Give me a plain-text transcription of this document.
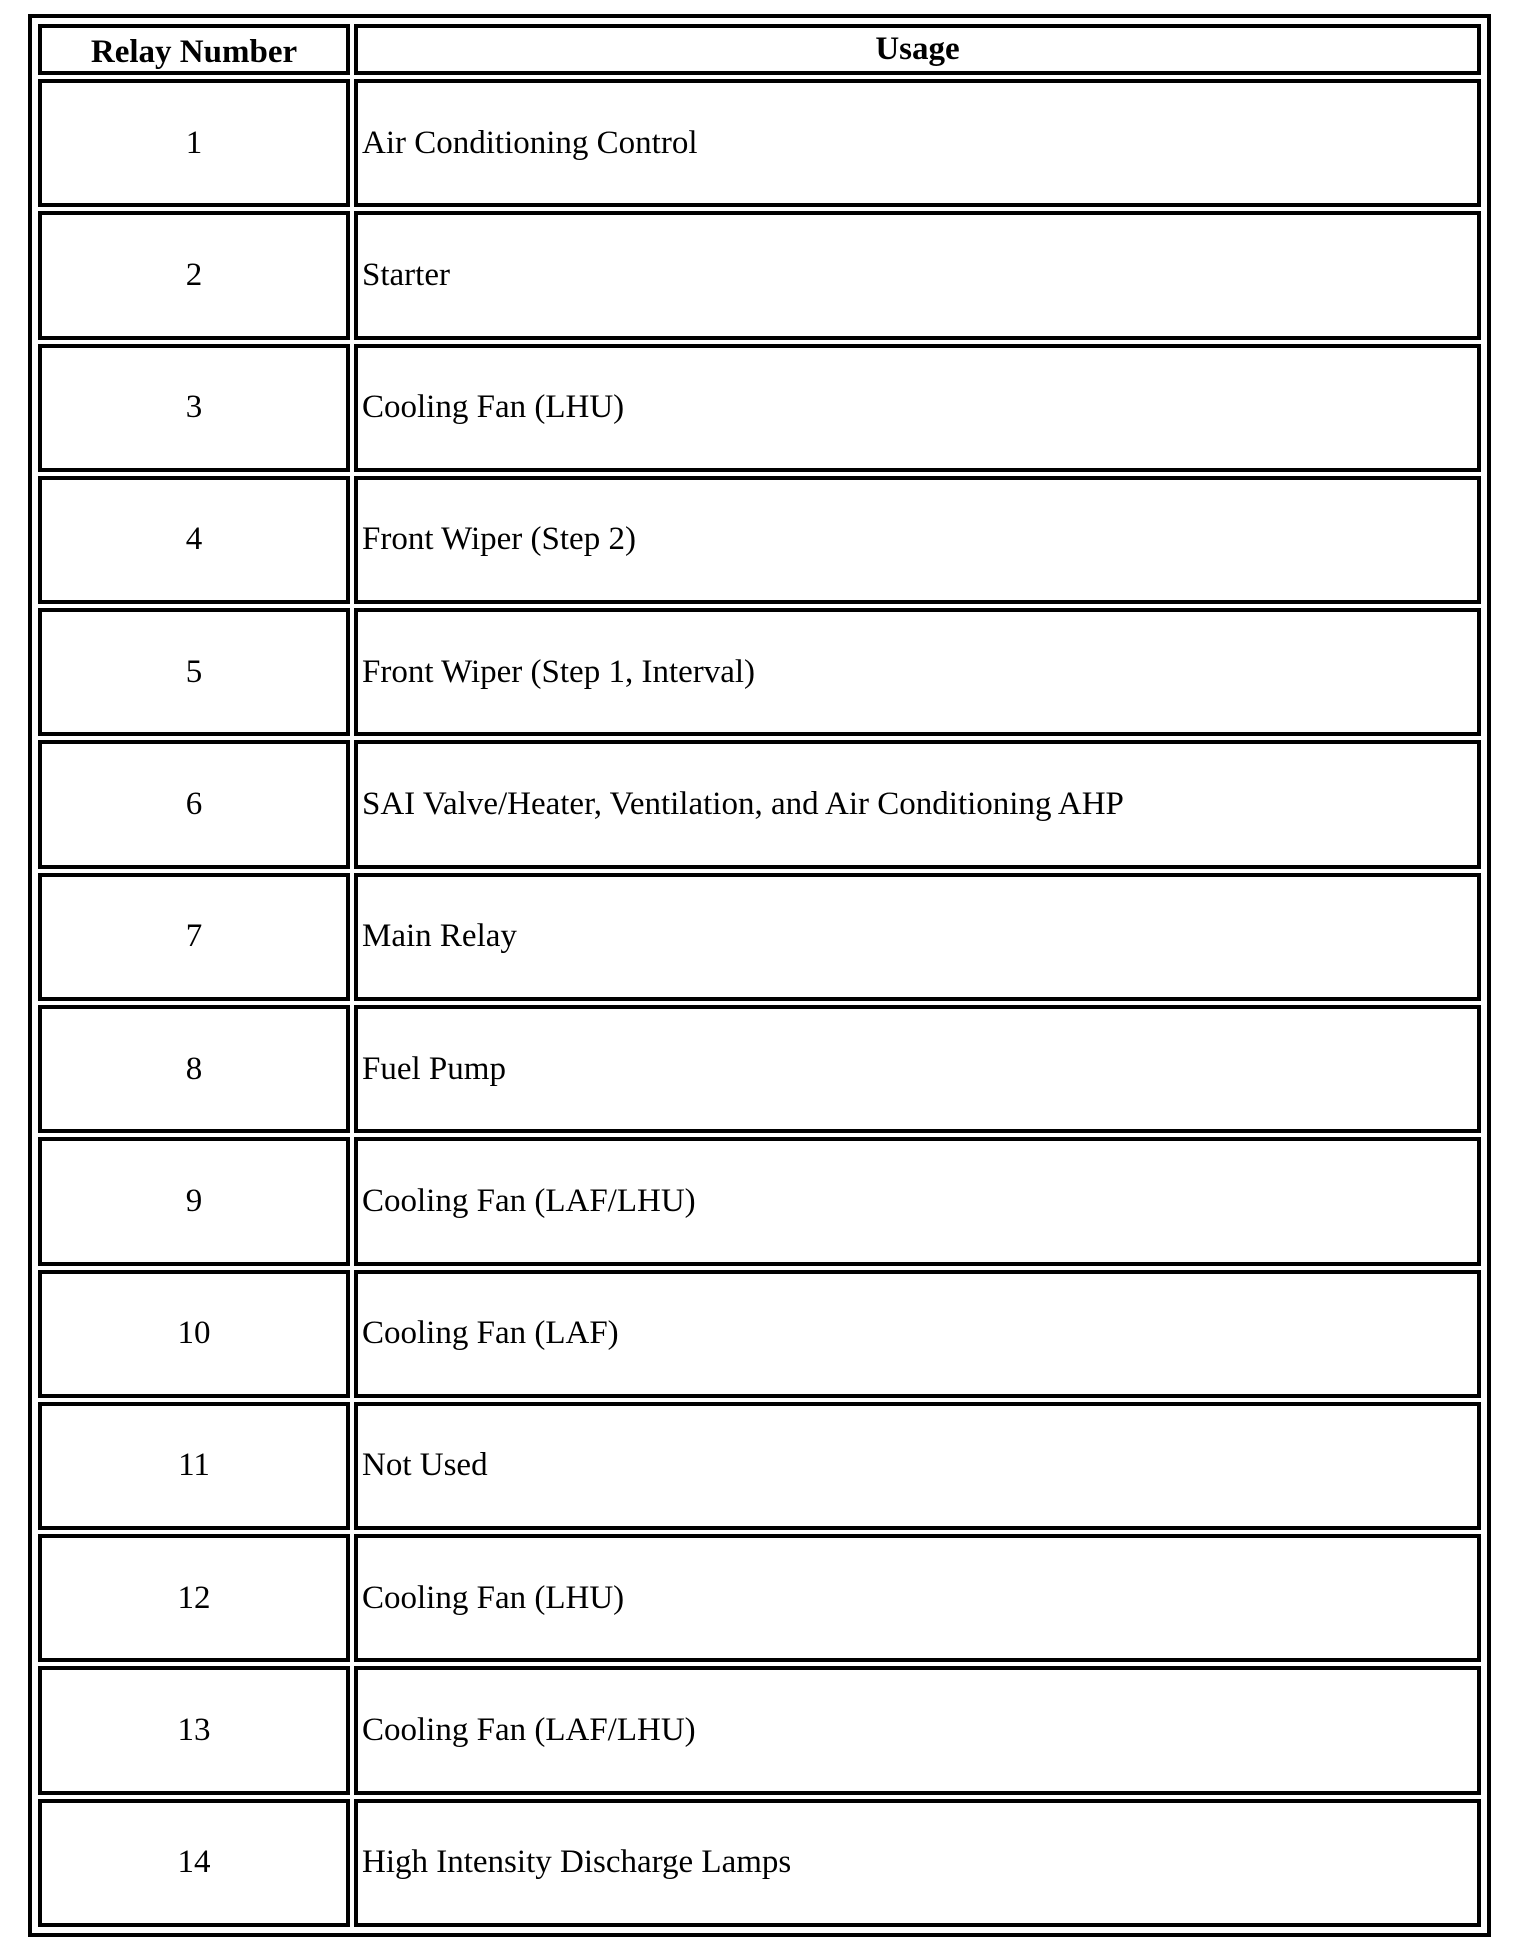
Relay Number	Usage
1	Air Conditioning Control
2	Starter
3	Cooling Fan (LHU)
4	Front Wiper (Step 2)
5	Front Wiper (Step 1, Interval)
6	SAI Valve/Heater, Ventilation, and Air Conditioning AHP
7	Main Relay
8	Fuel Pump
9	Cooling Fan (LAF/LHU)
10	Cooling Fan (LAF)
11	Not Used
12	Cooling Fan (LHU)
13	Cooling Fan (LAF/LHU)
14	High Intensity Discharge Lamps
